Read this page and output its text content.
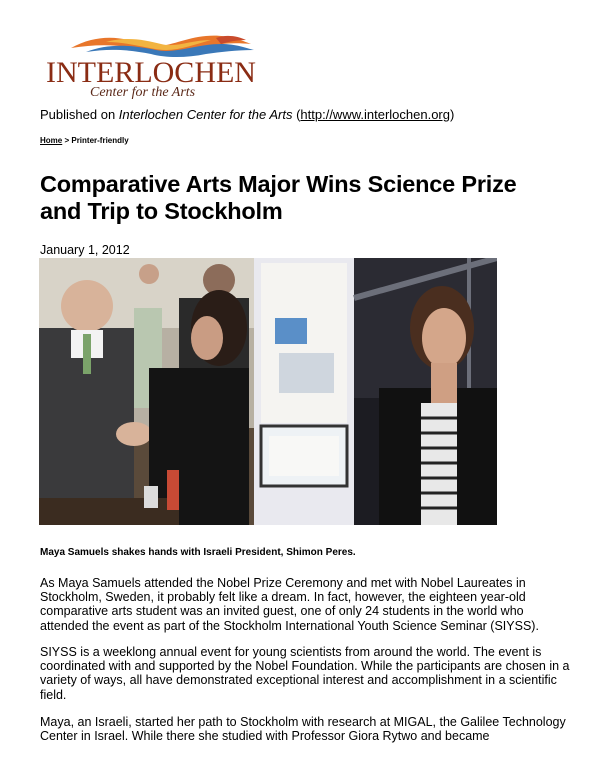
INTERLOCHEN
Center for the Arts
Published on Interlochen Center for the Arts (http://www.interlochen.org)
Home > Printer-friendly
Comparative Arts Major Wins Science Prize and Trip to Stockholm
January 1, 2012
Maya Samuels shakes hands with Israeli President, Shimon Peres.

As Maya Samuels attended the Nobel Prize Ceremony and met with Nobel Laureates in Stockholm, Sweden, it probably felt like a dream. In fact, however, the eighteen year-old comparative arts student was an invited guest, one of only 24 students in the world who attended the event as part of the Stockholm International Youth Science Seminar (SIYSS).

SIYSS is a weeklong annual event for young scientists from around the world. The event is coordinated with and supported by the Nobel Foundation. While the participants are chosen in a variety of ways, all have demonstrated exceptional interest and accomplishment in a scientific field.

Maya, an Israeli, started her path to Stockholm with research at MIGAL, the Galilee Technology Center in Israel. While there she studied with Professor Giora Rytwo and became
